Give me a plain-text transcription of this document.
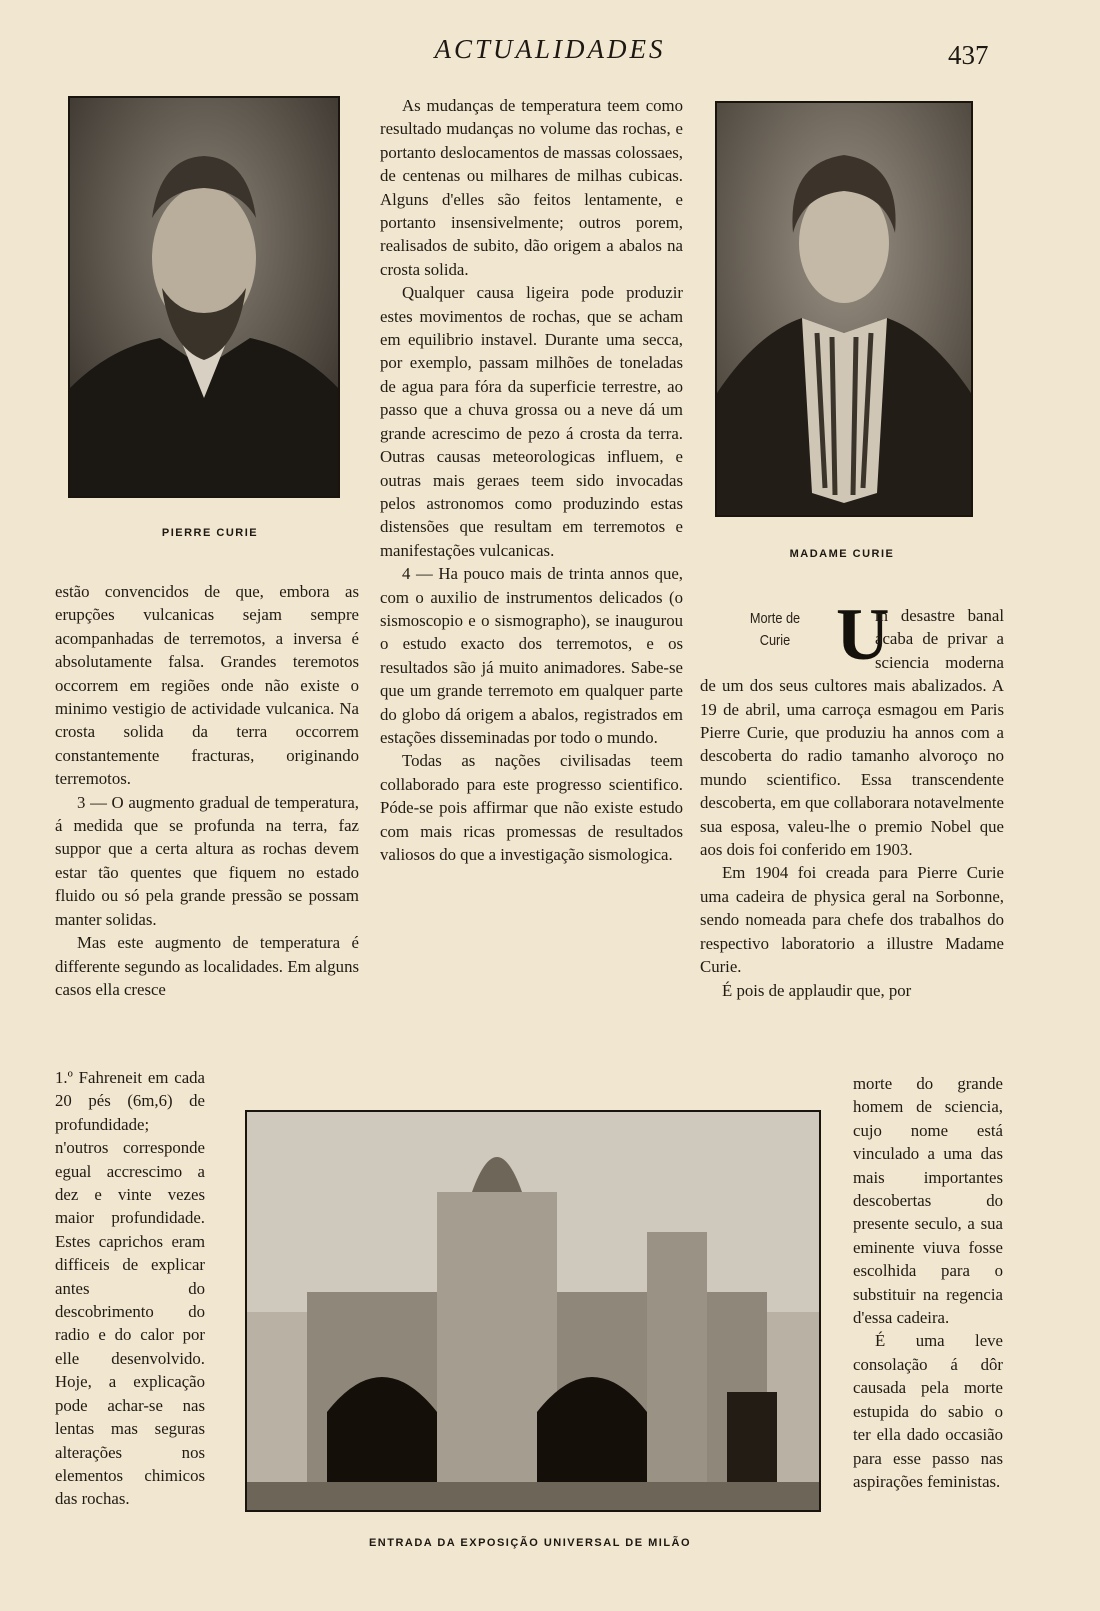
ACTUALIDADES	437
PIERRE CURIE
MADAME CURIE
ENTRADA DA EXPOSIÇÃO UNIVERSAL DE MILÃO

estão convencidos de que, embora as erupções vulcanicas sejam sempre acompanhadas de terremotos, a inversa é absolutamente falsa. Grandes teremotos occorrem em regiões onde não existe o minimo vestigio de actividade vulcanica. Na crosta solida da terra occorrem constantemente fracturas, originando terremotos.

3 — O augmento gradual de temperatura, á medida que se profunda na terra, faz suppor que a certa altura as rochas devem estar tão quentes que fiquem no estado fluido ou só pela grande pressão se possam manter solidas.

Mas este augmento de temperatura é differente segundo as localidades. Em alguns casos ella cresce

1.º Fahreneit em cada 20 pés (6m,6) de profundidade; n'outros corresponde egual accrescimo a dez e vinte vezes maior profundidade. Estes caprichos eram difficeis de explicar antes do descobrimento do radio e do calor por elle desenvolvido. Hoje, a explicação pode achar-se nas lentas mas seguras alterações nos elementos chimicos das rochas.

As mudanças de temperatura teem como resultado mudanças no volume das rochas, e portanto deslocamentos de massas colossaes, de centenas ou milhares de milhas cubicas. Alguns d'elles são feitos lentamente, e portanto insensivelmente; outros porem, realisados de subito, dão origem a abalos na crosta solida.

Qualquer causa ligeira pode produzir estes movimentos de rochas, que se acham em equilibrio instavel. Durante uma secca, por exemplo, passam milhões de toneladas de agua para fóra da superficie terrestre, ao passo que a chuva grossa ou a neve dá um grande acrescimo de pezo á crosta da terra. Outras causas meteorologicas influem, e outras mais geraes teem sido invocadas pelos astronomos como produzindo estas distensões que resultam em terremotos e manifestações vulcanicas.

4 — Ha pouco mais de trinta annos que, com o auxilio de instrumentos delicados (o sismoscopio e o sismographo), se inaugurou o estudo exacto dos terremotos, e os resultados são já muito animadores. Sabe-se que um grande terremoto em qualquer parte do globo dá origem a abalos, registrados em estações disseminadas por todo o mundo.

Todas as nações civilisadas teem collaborado para este progresso scientifico. Póde-se pois affirmar que não existe estudo com mais ricas promessas de resultados valiosos do que a investigação sismologica.

Morte de
Curie U

m desastre banal acaba de privar a sciencia moderna de um dos seus cultores mais abalizados. A 19 de abril, uma carroça esmagou em Paris Pierre Curie, que produziu ha annos com a descoberta do radio tamanho alvoroço no mundo scientifico. Essa transcendente descoberta, em que collaborara notavelmente sua esposa, valeu-lhe o premio Nobel que aos dois foi conferido em 1903.

Em 1904 foi creada para Pierre Curie uma cadeira de physica geral na Sorbonne, sendo nomeada para chefe dos trabalhos do respectivo laboratorio a illustre Madame Curie.

É pois de applaudir que, por

morte do grande homem de sciencia, cujo nome está vinculado a uma das mais importantes descobertas do presente seculo, a sua eminente viuva fosse escolhida para o substituir na regencia d'essa cadeira.

É uma leve consolação á dôr causada pela morte estupida do sabio o ter ella dado occasião para esse passo nas aspirações feministas.
